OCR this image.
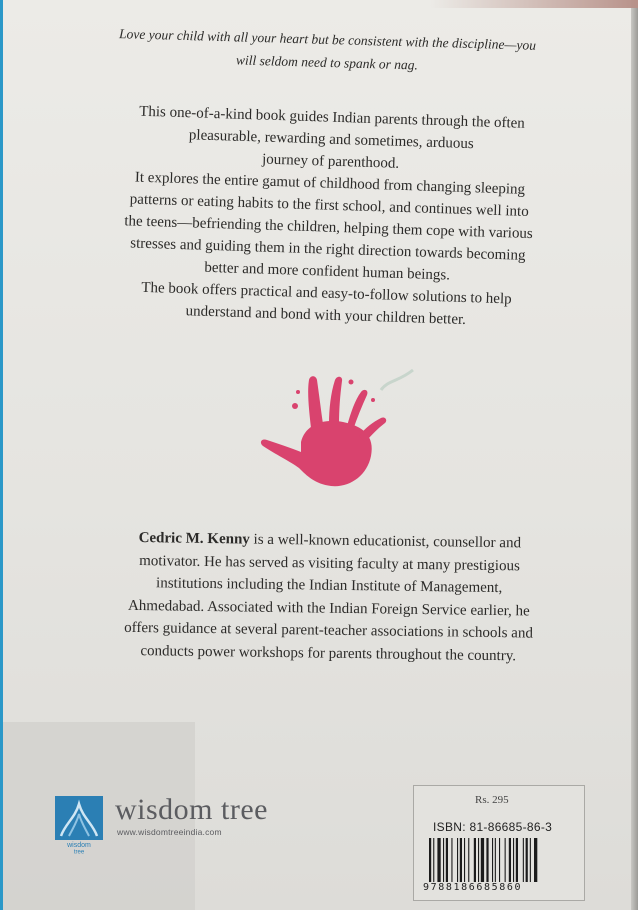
Love your child with all your heart but be consistent with the discipline—you
will seldom need to spank or nag.

This one-of-a-kind book guides Indian parents through the often
pleasurable, rewarding and sometimes, arduous
journey of parenthood.

It explores the entire gamut of childhood from changing sleeping
patterns or eating habits to the first school, and continues well into
the teens—befriending the children, helping them cope with various
stresses and guiding them in the right direction towards becoming
better and more confident human beings.

The book offers practical and easy-to-follow solutions to help
understand and bond with your children better.

Cedric M. Kenny is a well-known educationist, counsellor and
motivator. He has served as visiting faculty at many prestigious
institutions including the Indian Institute of Management,
Ahmedabad. Associated with the Indian Foreign Service earlier, he
offers guidance at several parent-teacher associations in schools and
conducts power workshops for parents throughout the country.
wisdom
tree
wisdom tree
www.wisdomtreeindia.com
Rs. 295
ISBN: 81-86685-86-3
9788186685860
